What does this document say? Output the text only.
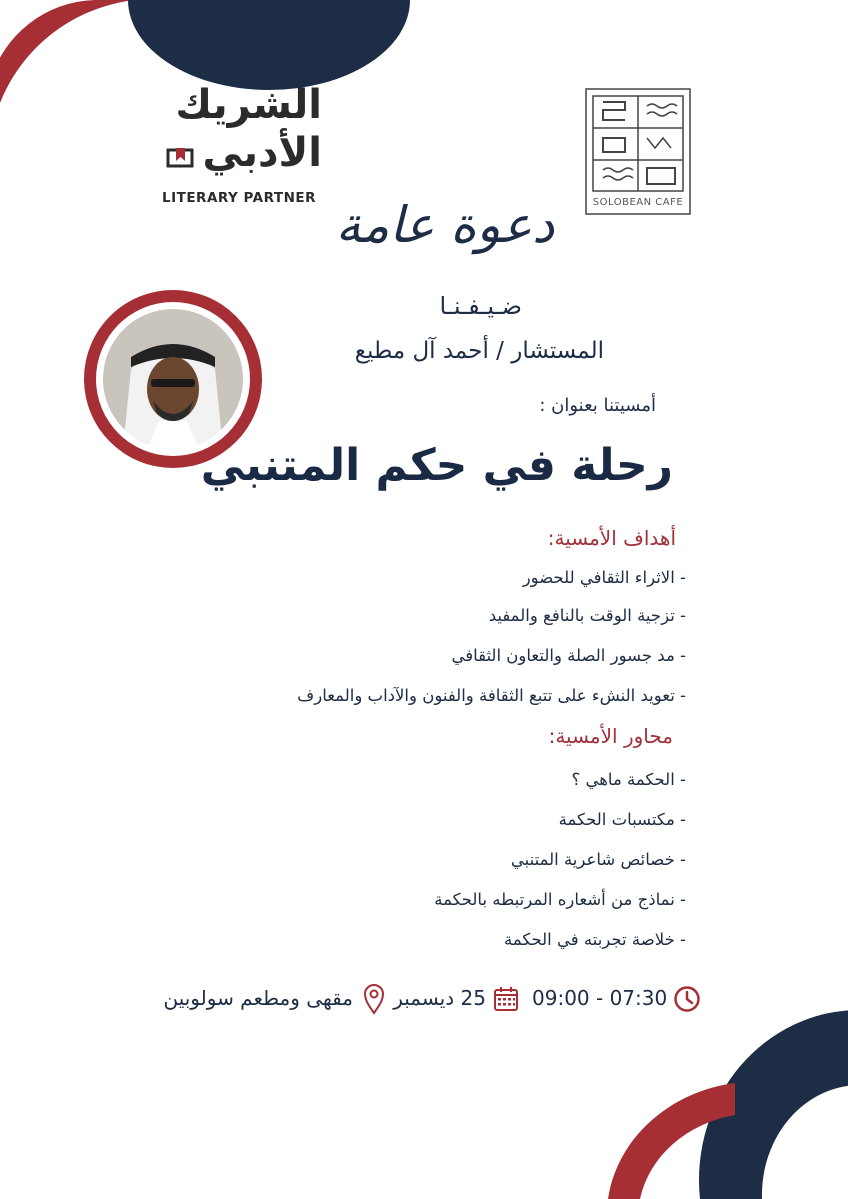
الشريك
الأدبي
LITERARY PARTNER	SOLOBEAN CAFE
دعوة عامة
ضـيـفـنـا
المستشار / أحمد آل مطيع
أمسيتنا بعنوان :
رحلة في حكم المتنبي
أهداف الأمسية:
- الاثراء الثقافي للحضور
- تزجية الوقت بالنافع والمفيد
- مد جسور الصلة والتعاون الثقافي
- تعويد النشء على تتبع الثقافة والفنون والآداب والمعارف
محاور الأمسية:
- الحكمة ماهي ؟
- مكتسبات الحكمة
- خصائص شاعرية المتنبي
- نماذج من أشعاره المرتبطه بالحكمة
- خلاصة تجربته في الحكمة
09:00 - 07:30
25 ديسمبر
مقهى ومطعم سولوبين
